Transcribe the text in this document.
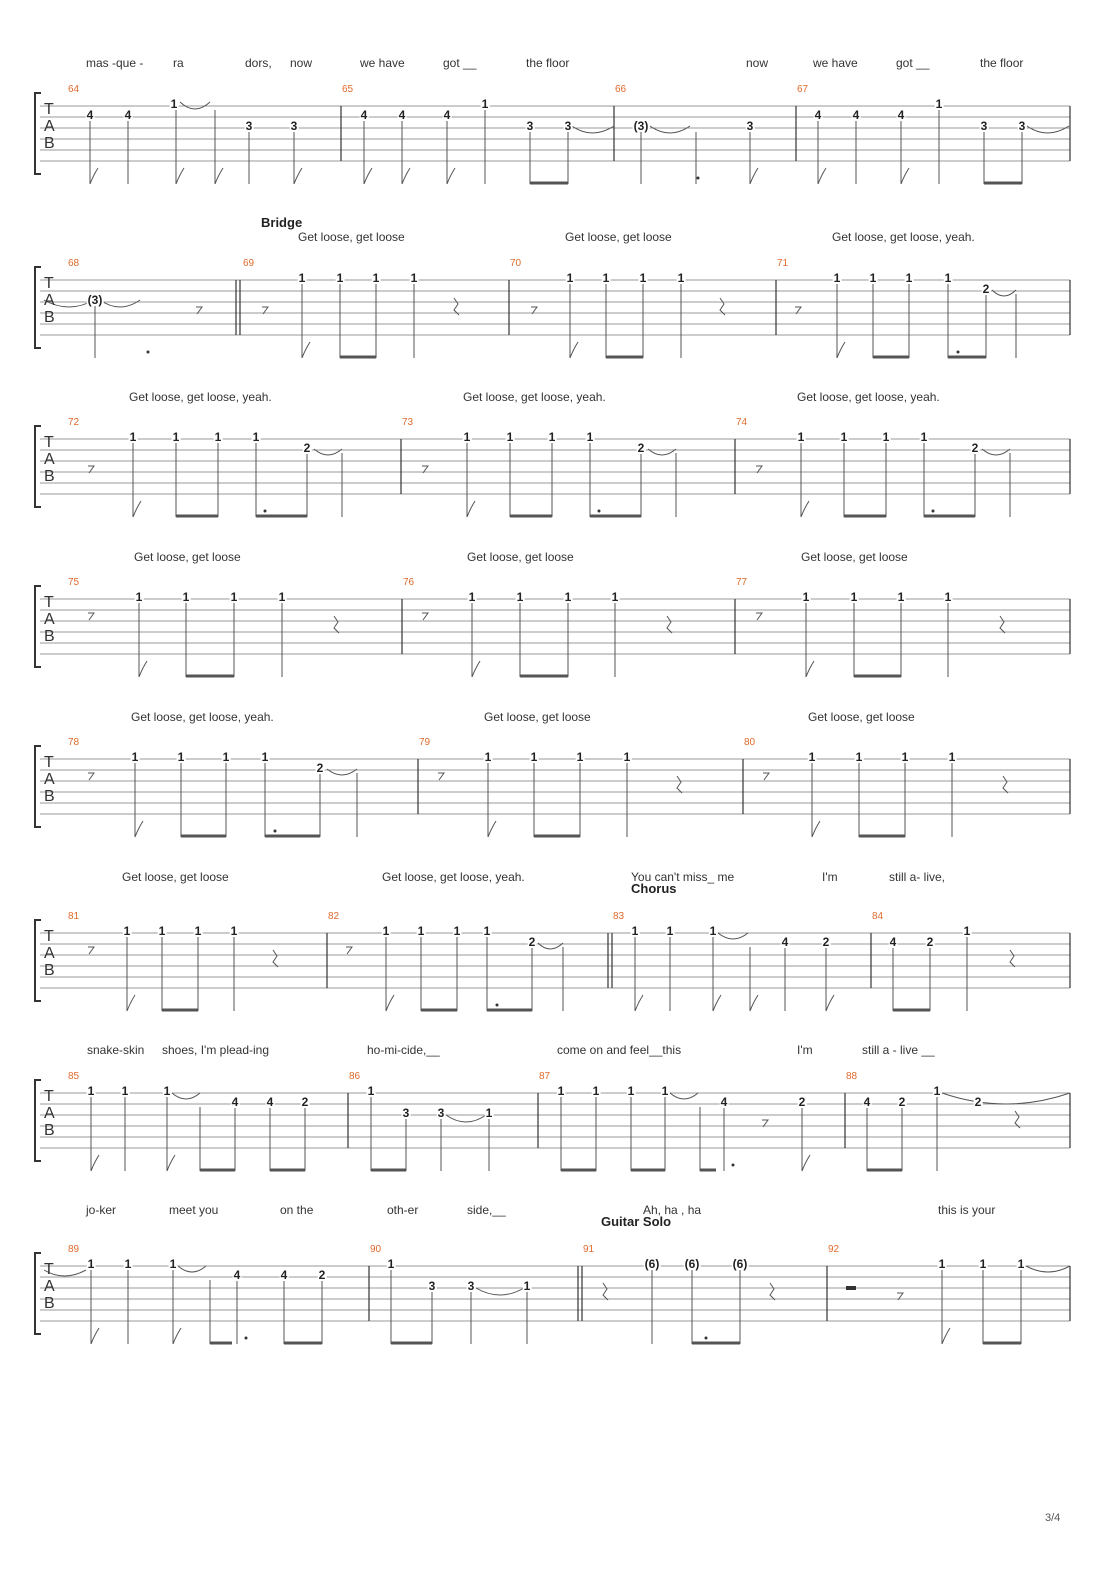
mas -que - ra	dors, now	we have	got __	the floor	now	we have	got __	the floor
T
A
B
64	65	66	67
4	4
1
3	3
4	4	4
1
3	3	(3)	3
4	4	4
1
3	3
Bridge
Get loose, get loose	Get loose, get loose	Get loose, get loose, yeah.
T
A
B
68	69	70	71
(3)
1	1 1	1	1 1	1	1	1 1 1	1
2
Get loose, get loose, yeah.	Get loose, get loose, yeah.	Get loose, get loose, yeah.
T
A
B
72	73	74
1	1	1	1
2
1	1	1	1
2
1	1	1	1
2
Get loose, get loose	Get loose, get loose	Get loose, get loose
T
A
B
75	76	77
1	1	1	1	1	1	1	1	1	1	1	1
Get loose, get loose, yeah.	Get loose, get loose	Get loose, get loose
T
A
B
78	79	80
1	1	1	1
2
1	1	1	1	1	1	1	1
Get loose, get loose	Get loose, get loose, yeah.	You can't miss_ me	I'm	still a- live,
Chorus
T
A
B
81	82	83	84
1 1 1 1	1 1 1 1
2
1 1	1
4	2	4	2
1
snake-skin shoes, I'm plead-ing	ho-mi-cide,__	come on and feel__this	I'm	still a - live __
T
A
B
85	86	87	88
1 1	1
4 4 2
1
3 3	1
1 1 1 1
4	2	4 2
1
2
jo-ker	meet you	on the	oth-er	side,__	Ah, ha , ha	this is your
Guitar Solo
T
A
B
89	90	91	92
1	1	1
4	4	2
1
3	3	1
(6) (6)	(6)	1	1	1
3/4
